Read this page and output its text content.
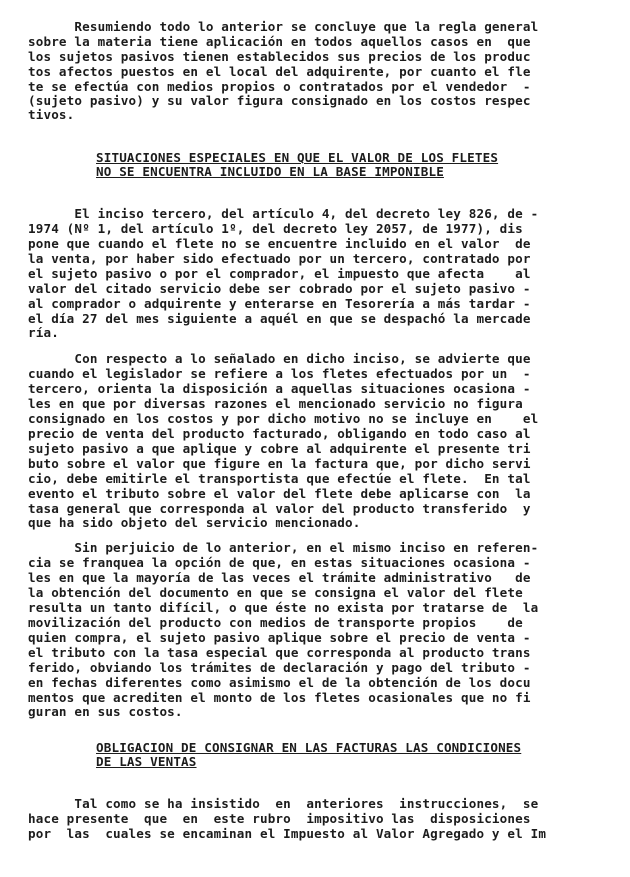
Resumiendo todo lo anterior se concluye que la regla general
sobre la materia tiene aplicación en todos aquellos casos en  que
los sujetos pasivos tienen establecidos sus precios de los produc
tos afectos puestos en el local del adquirente, por cuanto el fle
te se efectúa con medios propios o contratados por el vendedor  -
(sujeto pasivo) y su valor figura consignado en los costos respec
tivos.
SITUACIONES ESPECIALES EN QUE EL VALOR DE LOS FLETES
NO SE ENCUENTRA INCLUIDO EN LA BASE IMPONIBLE
El inciso tercero, del artículo 4, del decreto ley 826, de -
1974 (Nº 1, del artículo 1º, del decreto ley 2057, de 1977), dis
pone que cuando el flete no se encuentre incluido en el valor  de
la venta, por haber sido efectuado por un tercero, contratado por
el sujeto pasivo o por el comprador, el impuesto que afecta    al
valor del citado servicio debe ser cobrado por el sujeto pasivo -
al comprador o adquirente y enterarse en Tesorería a más tardar -
el día 27 del mes siguiente a aquél en que se despachó la mercade
ría.
Con respecto a lo señalado en dicho inciso, se advierte que
cuando el legislador se refiere a los fletes efectuados por un  -
tercero, orienta la disposición a aquellas situaciones ocasiona -
les en que por diversas razones el mencionado servicio no figura
consignado en los costos y por dicho motivo no se incluye en    el
precio de venta del producto facturado, obligando en todo caso al
sujeto pasivo a que aplique y cobre al adquirente el presente tri
buto sobre el valor que figure en la factura que, por dicho servi
cio, debe emitirle el transportista que efectúe el flete.  En tal
evento el tributo sobre el valor del flete debe aplicarse con  la
tasa general que corresponda al valor del producto transferido  y
que ha sido objeto del servicio mencionado.
Sin perjuicio de lo anterior, en el mismo inciso en referen-
cia se franquea la opción de que, en estas situaciones ocasiona -
les en que la mayoría de las veces el trámite administrativo   de
la obtención del documento en que se consigna el valor del flete
resulta un tanto difícil, o que éste no exista por tratarse de  la
movilización del producto con medios de transporte propios    de
quien compra, el sujeto pasivo aplique sobre el precio de venta -
el tributo con la tasa especial que corresponda al producto trans
ferido, obviando los trámites de declaración y pago del tributo -
en fechas diferentes como asimismo el de la obtención de los docu
mentos que acrediten el monto de los fletes ocasionales que no fi
guran en sus costos.
OBLIGACION DE CONSIGNAR EN LAS FACTURAS LAS CONDICIONES
DE LAS VENTAS
Tal como se ha insistido  en  anteriores  instrucciones,  se
hace presente  que  en  este rubro  impositivo las  disposiciones
por  las  cuales se encaminan el Impuesto al Valor Agregado y el Im
